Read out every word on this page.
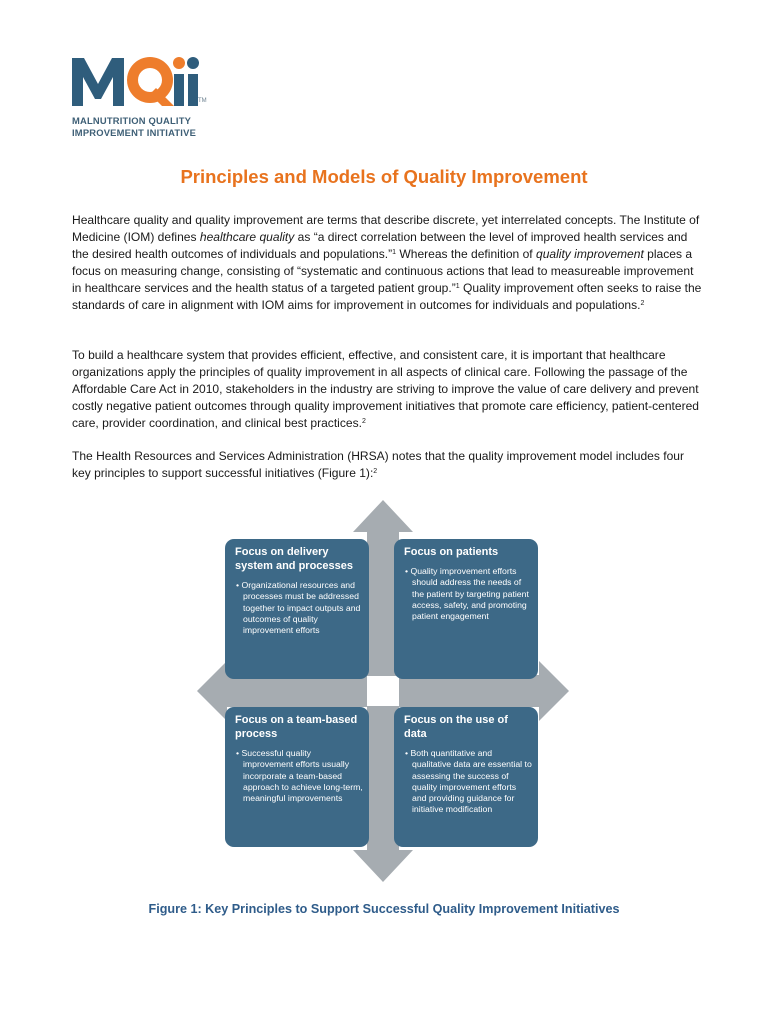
TM
MALNUTRITION QUALITY
IMPROVEMENT INITIATIVE
Principles and Models of Quality Improvement

Healthcare quality and quality improvement are terms that describe discrete, yet interrelated concepts. The Institute of Medicine (IOM) defines healthcare quality as “a direct correlation between the level of improved health services and the desired health outcomes of individuals and populations.”$^1$ Whereas the definition of quality improvement places a focus on measuring change, consisting of “systematic and continuous actions that lead to measureable improvement in healthcare services and the health status of a targeted patient group.”$^1$ Quality improvement often seeks to raise the standards of care in alignment with IOM aims for improvement in outcomes for individuals and populations.$^2$

To build a healthcare system that provides efficient, effective, and consistent care, it is important that healthcare organizations apply the principles of quality improvement in all aspects of clinical care. Following the passage of the Affordable Care Act in 2010, stakeholders in the industry are striving to improve the value of care delivery and prevent costly negative patient outcomes through quality improvement initiatives that promote care efficiency, patient-centered care, provider coordination, and clinical best practices.$^2$

The Health Resources and Services Administration (HRSA) notes that the quality improvement model includes four key principles to support successful initiatives (Figure 1):$^2$

Focus on delivery system and processes

• Organizational resources and processes must be addressed together to impact outputs and outcomes of quality improvement efforts

Focus on patients

• Quality improvement efforts should address the needs of the patient by targeting patient access, safety, and promoting patient engagement

Focus on a team-based process

• Successful quality improvement efforts usually incorporate a team-based approach to achieve long-term, meaningful improvements

Focus on the use of data

• Both quantitative and qualitative data are essential to assessing the success of quality improvement efforts and providing guidance for initiative modification

Figure 1: Key Principles to Support Successful Quality Improvement Initiatives
